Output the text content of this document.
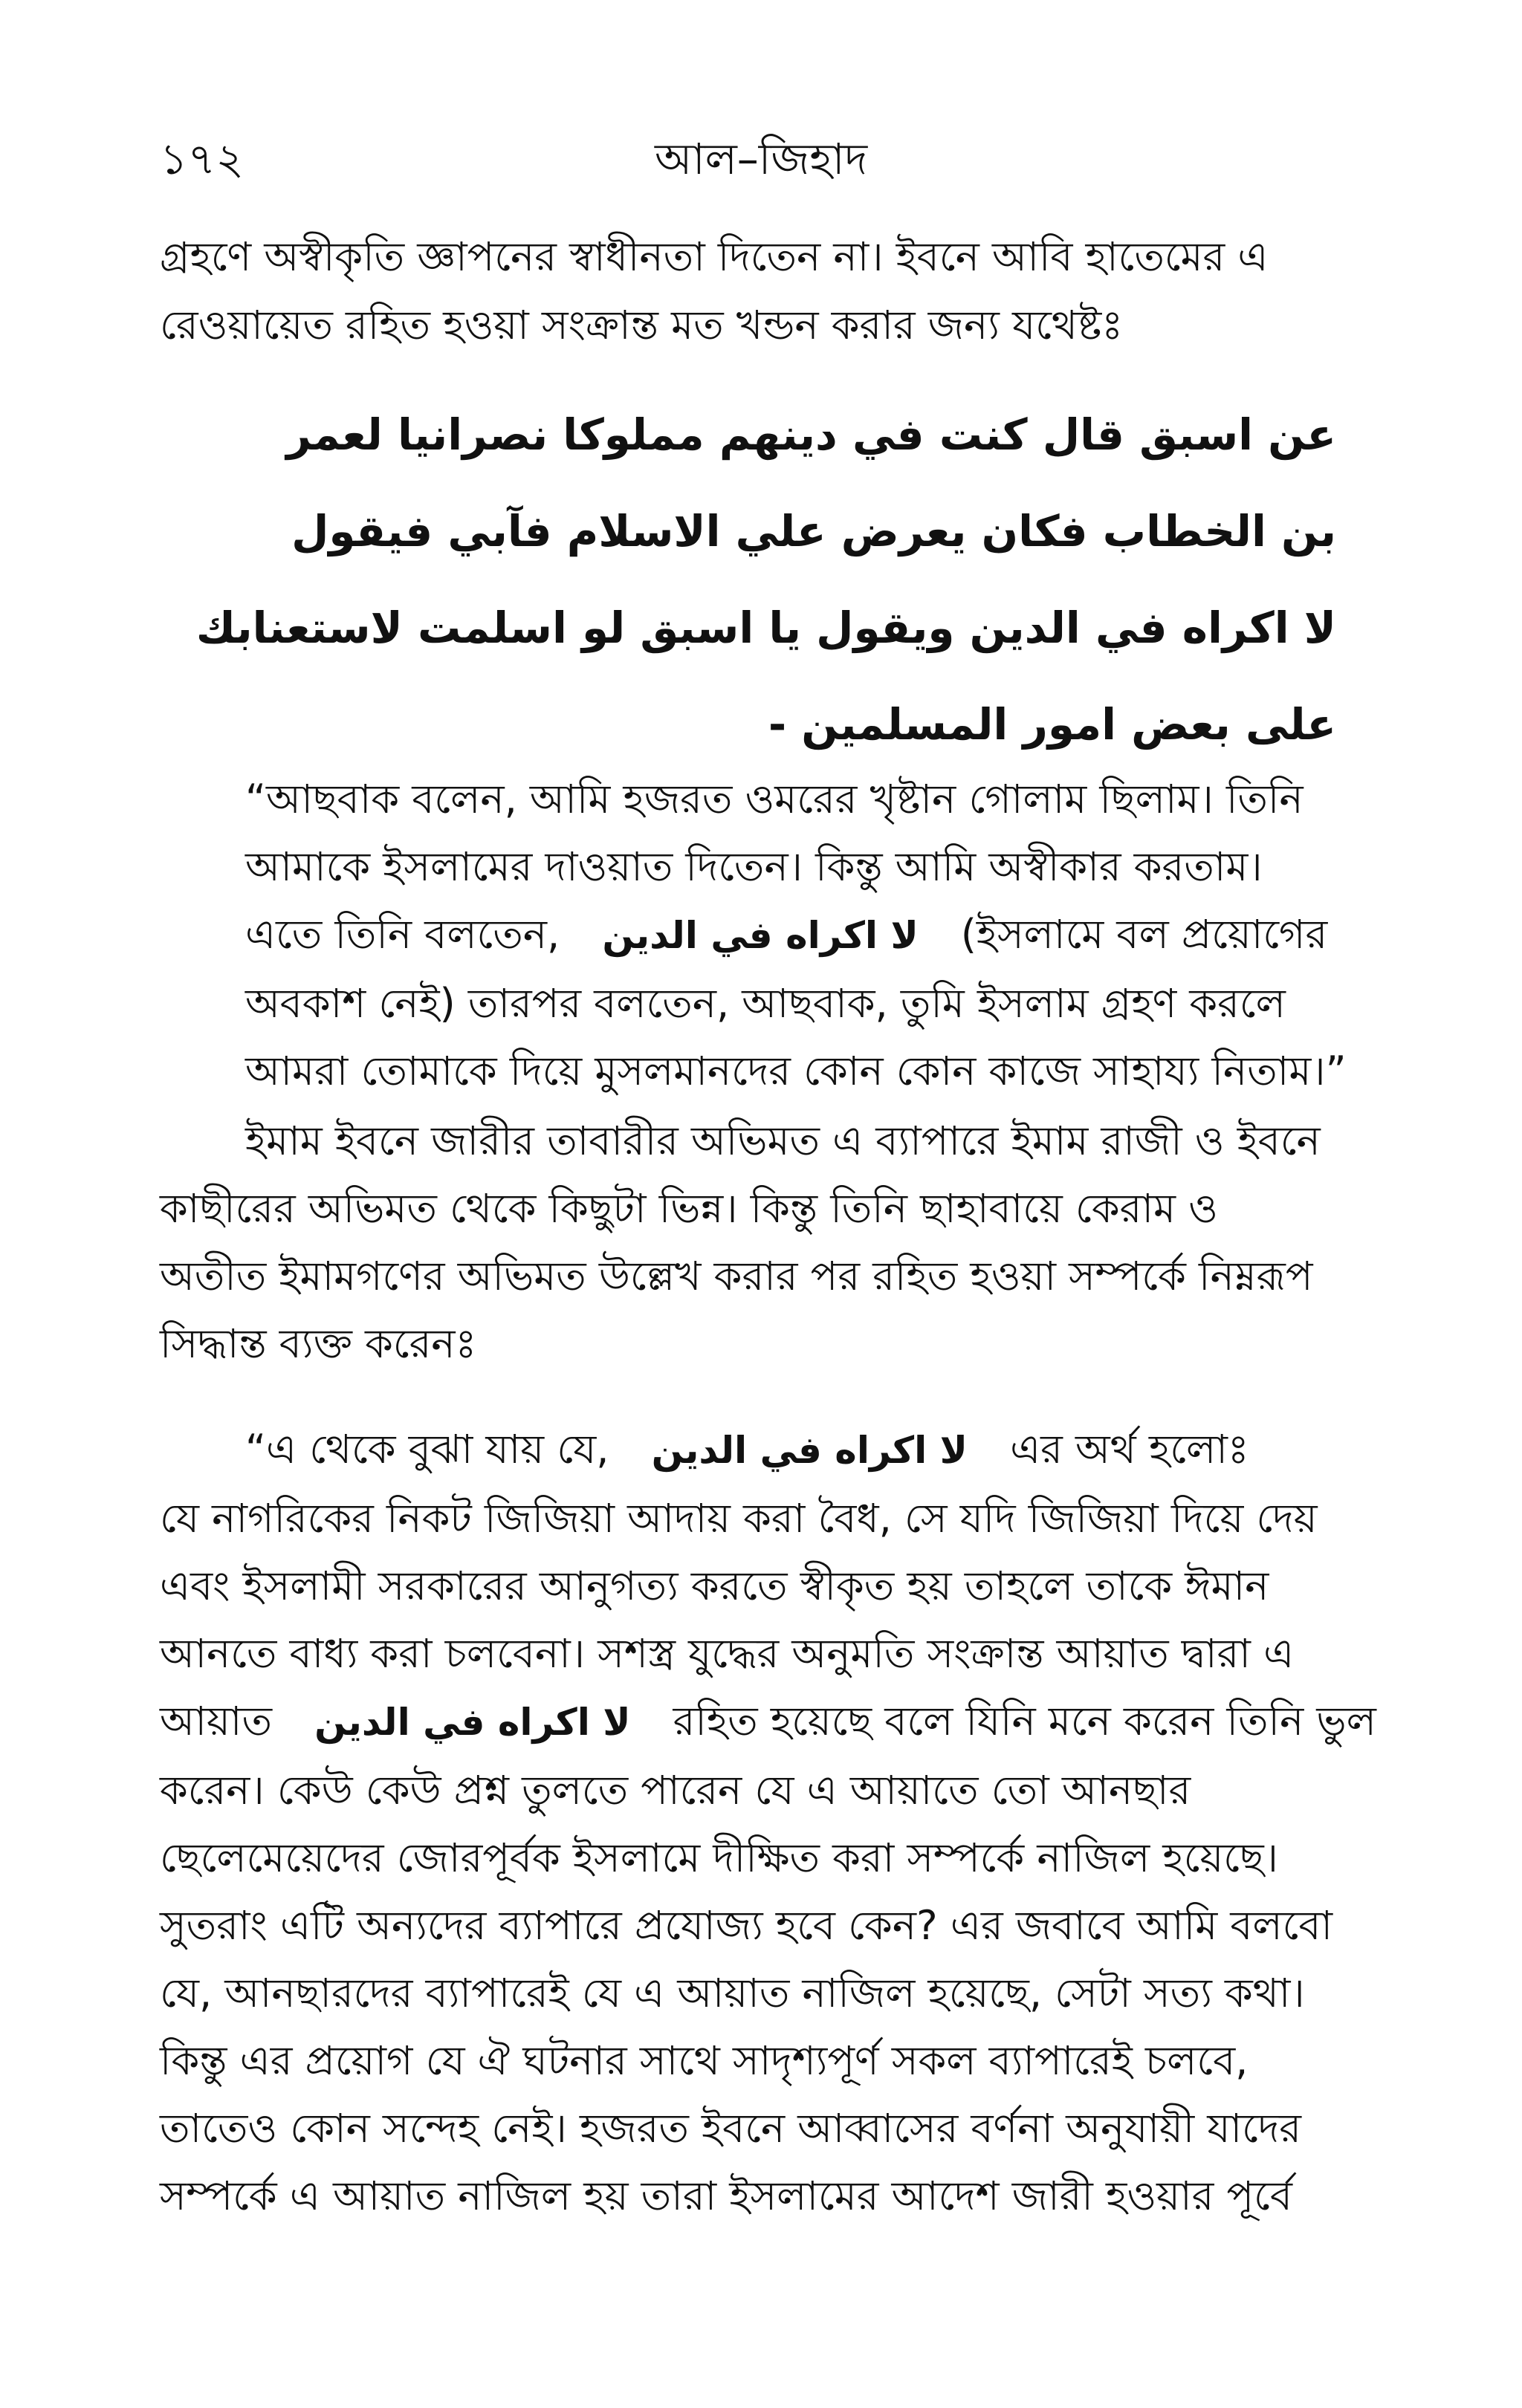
১৭২	আল–জিহাদ
গ্রহণে অস্বীকৃতি জ্ঞাপনের স্বাধীনতা দিতেন না। ইবনে আবি হাতেমের এ
রেওয়ায়েত রহিত হওয়া সংক্রান্ত মত খন্ডন করার জন্য যথেষ্টঃ
عن اسبق قال كنت في دينهم مملوكا نصرانيا لعمر
بن الخطاب فكان يعرض علي الاسلام فآبي فيقول
لا اكراه في الدين ويقول يا اسبق لو اسلمت لاستعنابك
على بعض امور المسلمين -
“আছবাক বলেন, আমি হজরত ওমরের খৃষ্টান গোলাম ছিলাম। তিনি
আমাকে ইসলামের দাওয়াত দিতেন। কিন্তু আমি অস্বীকার করতাম।
এতে তিনি বলতেন, لا اكراه في الدين (ইসলামে বল প্রয়োগের
অবকাশ নেই) তারপর বলতেন, আছবাক, তুমি ইসলাম গ্রহণ করলে
আমরা তোমাকে দিয়ে মুসলমানদের কোন কোন কাজে সাহায্য নিতাম।”
ইমাম ইবনে জারীর তাবারীর অভিমত এ ব্যাপারে ইমাম রাজী ও ইবনে
কাছীরের অভিমত থেকে কিছুটা ভিন্ন। কিন্তু তিনি ছাহাবায়ে কেরাম ও
অতীত ইমামগণের অভিমত উল্লেখ করার পর রহিত হওয়া সম্পর্কে নিম্নরূপ
সিদ্ধান্ত ব্যক্ত করেনঃ
“এ থেকে বুঝা যায় যে, لا اكراه في الدين এর অর্থ হলোঃ
যে নাগরিকের নিকট জিজিয়া আদায় করা বৈধ, সে যদি জিজিয়া দিয়ে দেয়
এবং ইসলামী সরকারের আনুগত্য করতে স্বীকৃত হয় তাহলে তাকে ঈমান
আনতে বাধ্য করা চলবেনা। সশস্ত্র যুদ্ধের অনুমতি সংক্রান্ত আয়াত দ্বারা এ
আয়াত لا اكراه في الدين রহিত হয়েছে বলে যিনি মনে করেন তিনি ভুল
করেন। কেউ কেউ প্রশ্ন তুলতে পারেন যে এ আয়াতে তো আনছার
ছেলেমেয়েদের জোরপূর্বক ইসলামে দীক্ষিত করা সম্পর্কে নাজিল হয়েছে।
সুতরাং এটি অন্যদের ব্যাপারে প্রযোজ্য হবে কেন? এর জবাবে আমি বলবো
যে, আনছারদের ব্যাপারেই যে এ আয়াত নাজিল হয়েছে, সেটা সত্য কথা।
কিন্তু এর প্রয়োগ যে ঐ ঘটনার সাথে সাদৃশ্যপূর্ণ সকল ব্যাপারেই চলবে,
তাতেও কোন সন্দেহ নেই। হজরত ইবনে আব্বাসের বর্ণনা অনুযায়ী যাদের
সম্পর্কে এ আয়াত নাজিল হয় তারা ইসলামের আদেশ জারী হওয়ার পূর্বে
